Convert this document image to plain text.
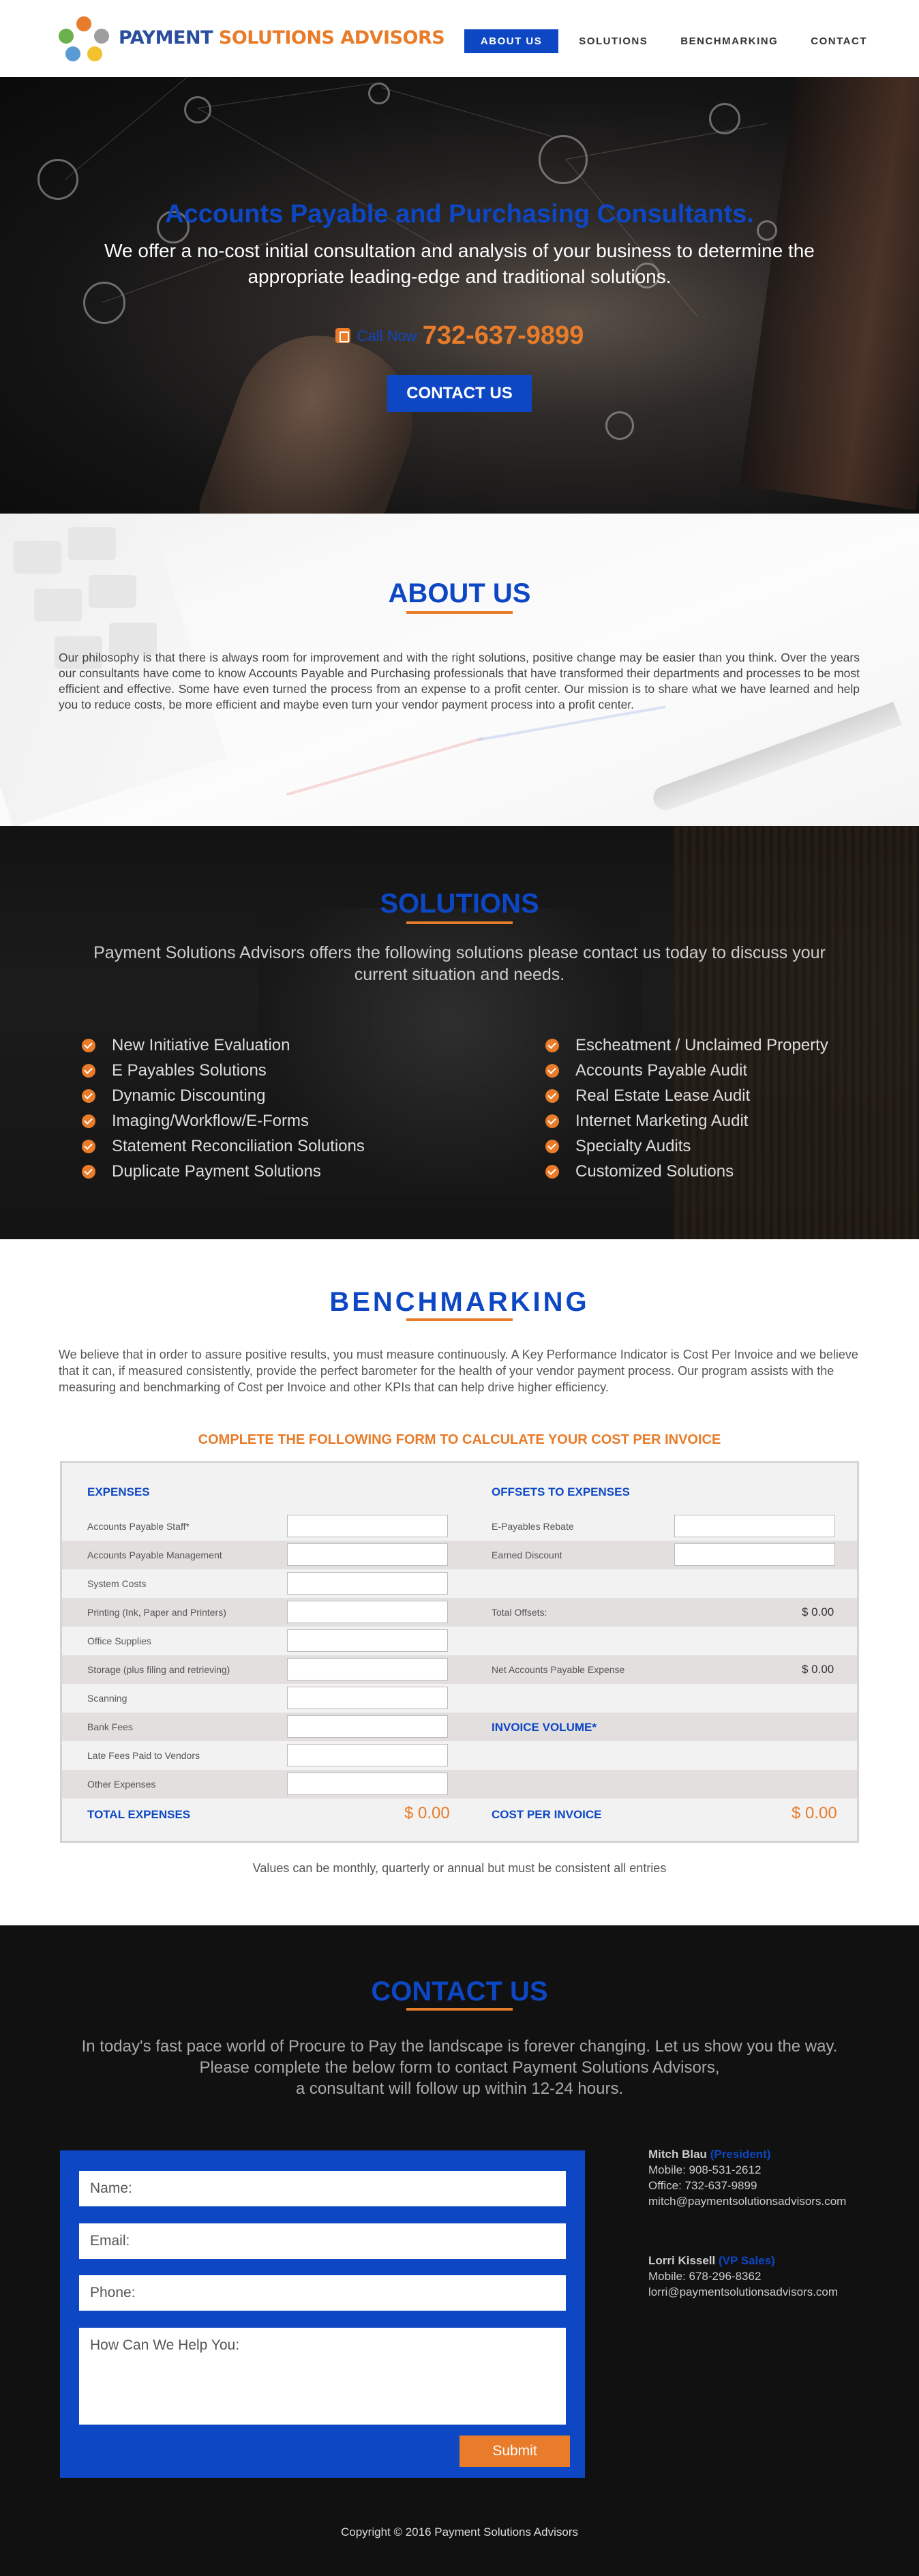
PAYMENT SOLUTIONS ADVISORS	ABOUT US	SOLUTIONS	BENCHMARKING	CONTACT
Accounts Payable and Purchasing Consultants.
We offer a no-cost initial consultation and analysis of your business to determine the appropriate leading-edge and traditional solutions.
Call Now 732-637-9899
CONTACT US
ABOUT US
Our philosophy is that there is always room for improvement and with the right solutions, positive change may be easier than you think. Over the years our consultants have come to know Accounts Payable and Purchasing professionals that have transformed their departments and processes to be most efficient and effective. Some have even turned the process from an expense to a profit center. Our mission is to share what we have learned and help you to reduce costs, be more efficient and maybe even turn your vendor payment process into a profit center.
SOLUTIONS
Payment Solutions Advisors offers the following solutions please contact us today to discuss your current situation and needs.
New Initiative Evaluation
E Payables Solutions
Dynamic Discounting
Imaging/Workflow/E-Forms
Statement Reconciliation Solutions
Duplicate Payment Solutions
Escheatment / Unclaimed Property
Accounts Payable Audit
Real Estate Lease Audit
Internet Marketing Audit
Specialty Audits
Customized Solutions
BENCHMARKING
We believe that in order to assure positive results, you must measure continuously. A Key Performance Indicator is Cost Per Invoice and we believe that it can, if measured consistently, provide the perfect barometer for the health of your vendor payment process. Our program assists with the measuring and benchmarking of Cost per Invoice and other KPIs that can help drive higher efficiency.
COMPLETE THE FOLLOWING FORM TO CALCULATE YOUR COST PER INVOICE
EXPENSES	OFFSETS TO EXPENSES
Accounts Payable Staff*	E-Payables Rebate
Accounts Payable Management	Earned Discount
System Costs
Printing (Ink, Paper and Printers)	Total Offsets:	$ 0.00
Office Supplies
Storage (plus filing and retrieving)	Net Accounts Payable Expense	$ 0.00
Scanning
Bank Fees	INVOICE VOLUME*
Late Fees Paid to Vendors
Other Expenses
TOTAL EXPENSES	$ 0.00	COST PER INVOICE	$ 0.00
Values can be monthly, quarterly or annual but must be consistent all entries
CONTACT US
In today's fast pace world of Procure to Pay the landscape is forever changing. Let us show you the way.
Please complete the below form to contact Payment Solutions Advisors,
a consultant will follow up within 12-24 hours.
Name:
Email:
Phone:
How Can We Help You:
Submit
Mitch Blau (President)
Mobile: 908-531-2612
Office: 732-637-9899
mitch@paymentsolutionsadvisors.com
Lorri Kissell (VP Sales)
Mobile: 678-296-8362
lorri@paymentsolutionsadvisors.com
Copyright © 2016 Payment Solutions Advisors
